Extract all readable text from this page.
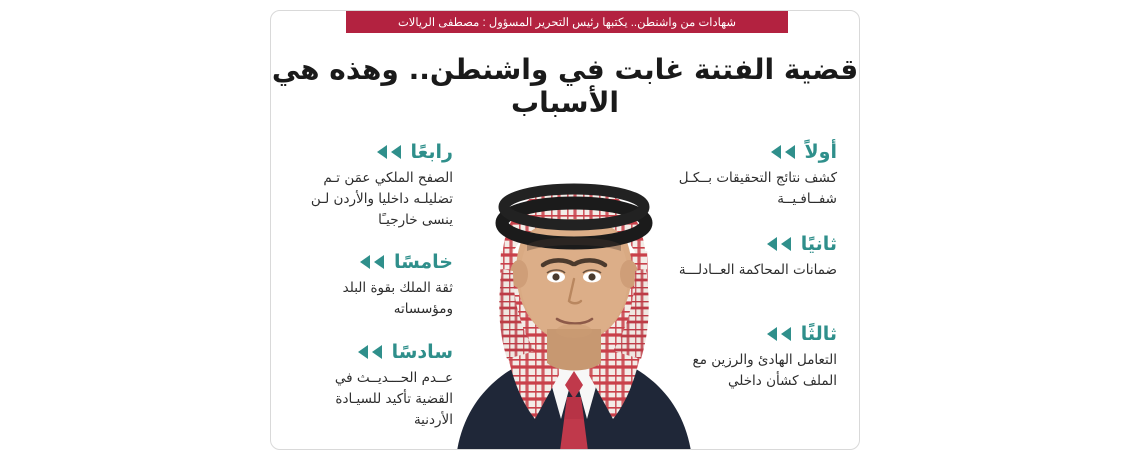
شهادات من واشنطن.. يكتبها رئيس التحرير المسؤول : مصطفى الريالات
قضية الفتنة غابت في واشنطن.. وهذه هي الأسباب
أولاً
كشف نتائج التحقيقات بــكـل شفــافـيــة
ثانيًا
ضمانات المحاكمة العــادلـــة
ثالثًا
التعامل الهادئ والرزين مع الملف كشأن داخلي
رابعًا
الصفح الملكي عمَن تـم تضليلـه داخليا والأردن لـن ينسى خارجيـًا
خامسًا
ثقة الملك بقوة البلد ومؤسساته
سادسًا
عــدم الحـــديــث في القضية تأكيد للسيـادة الأردنية
